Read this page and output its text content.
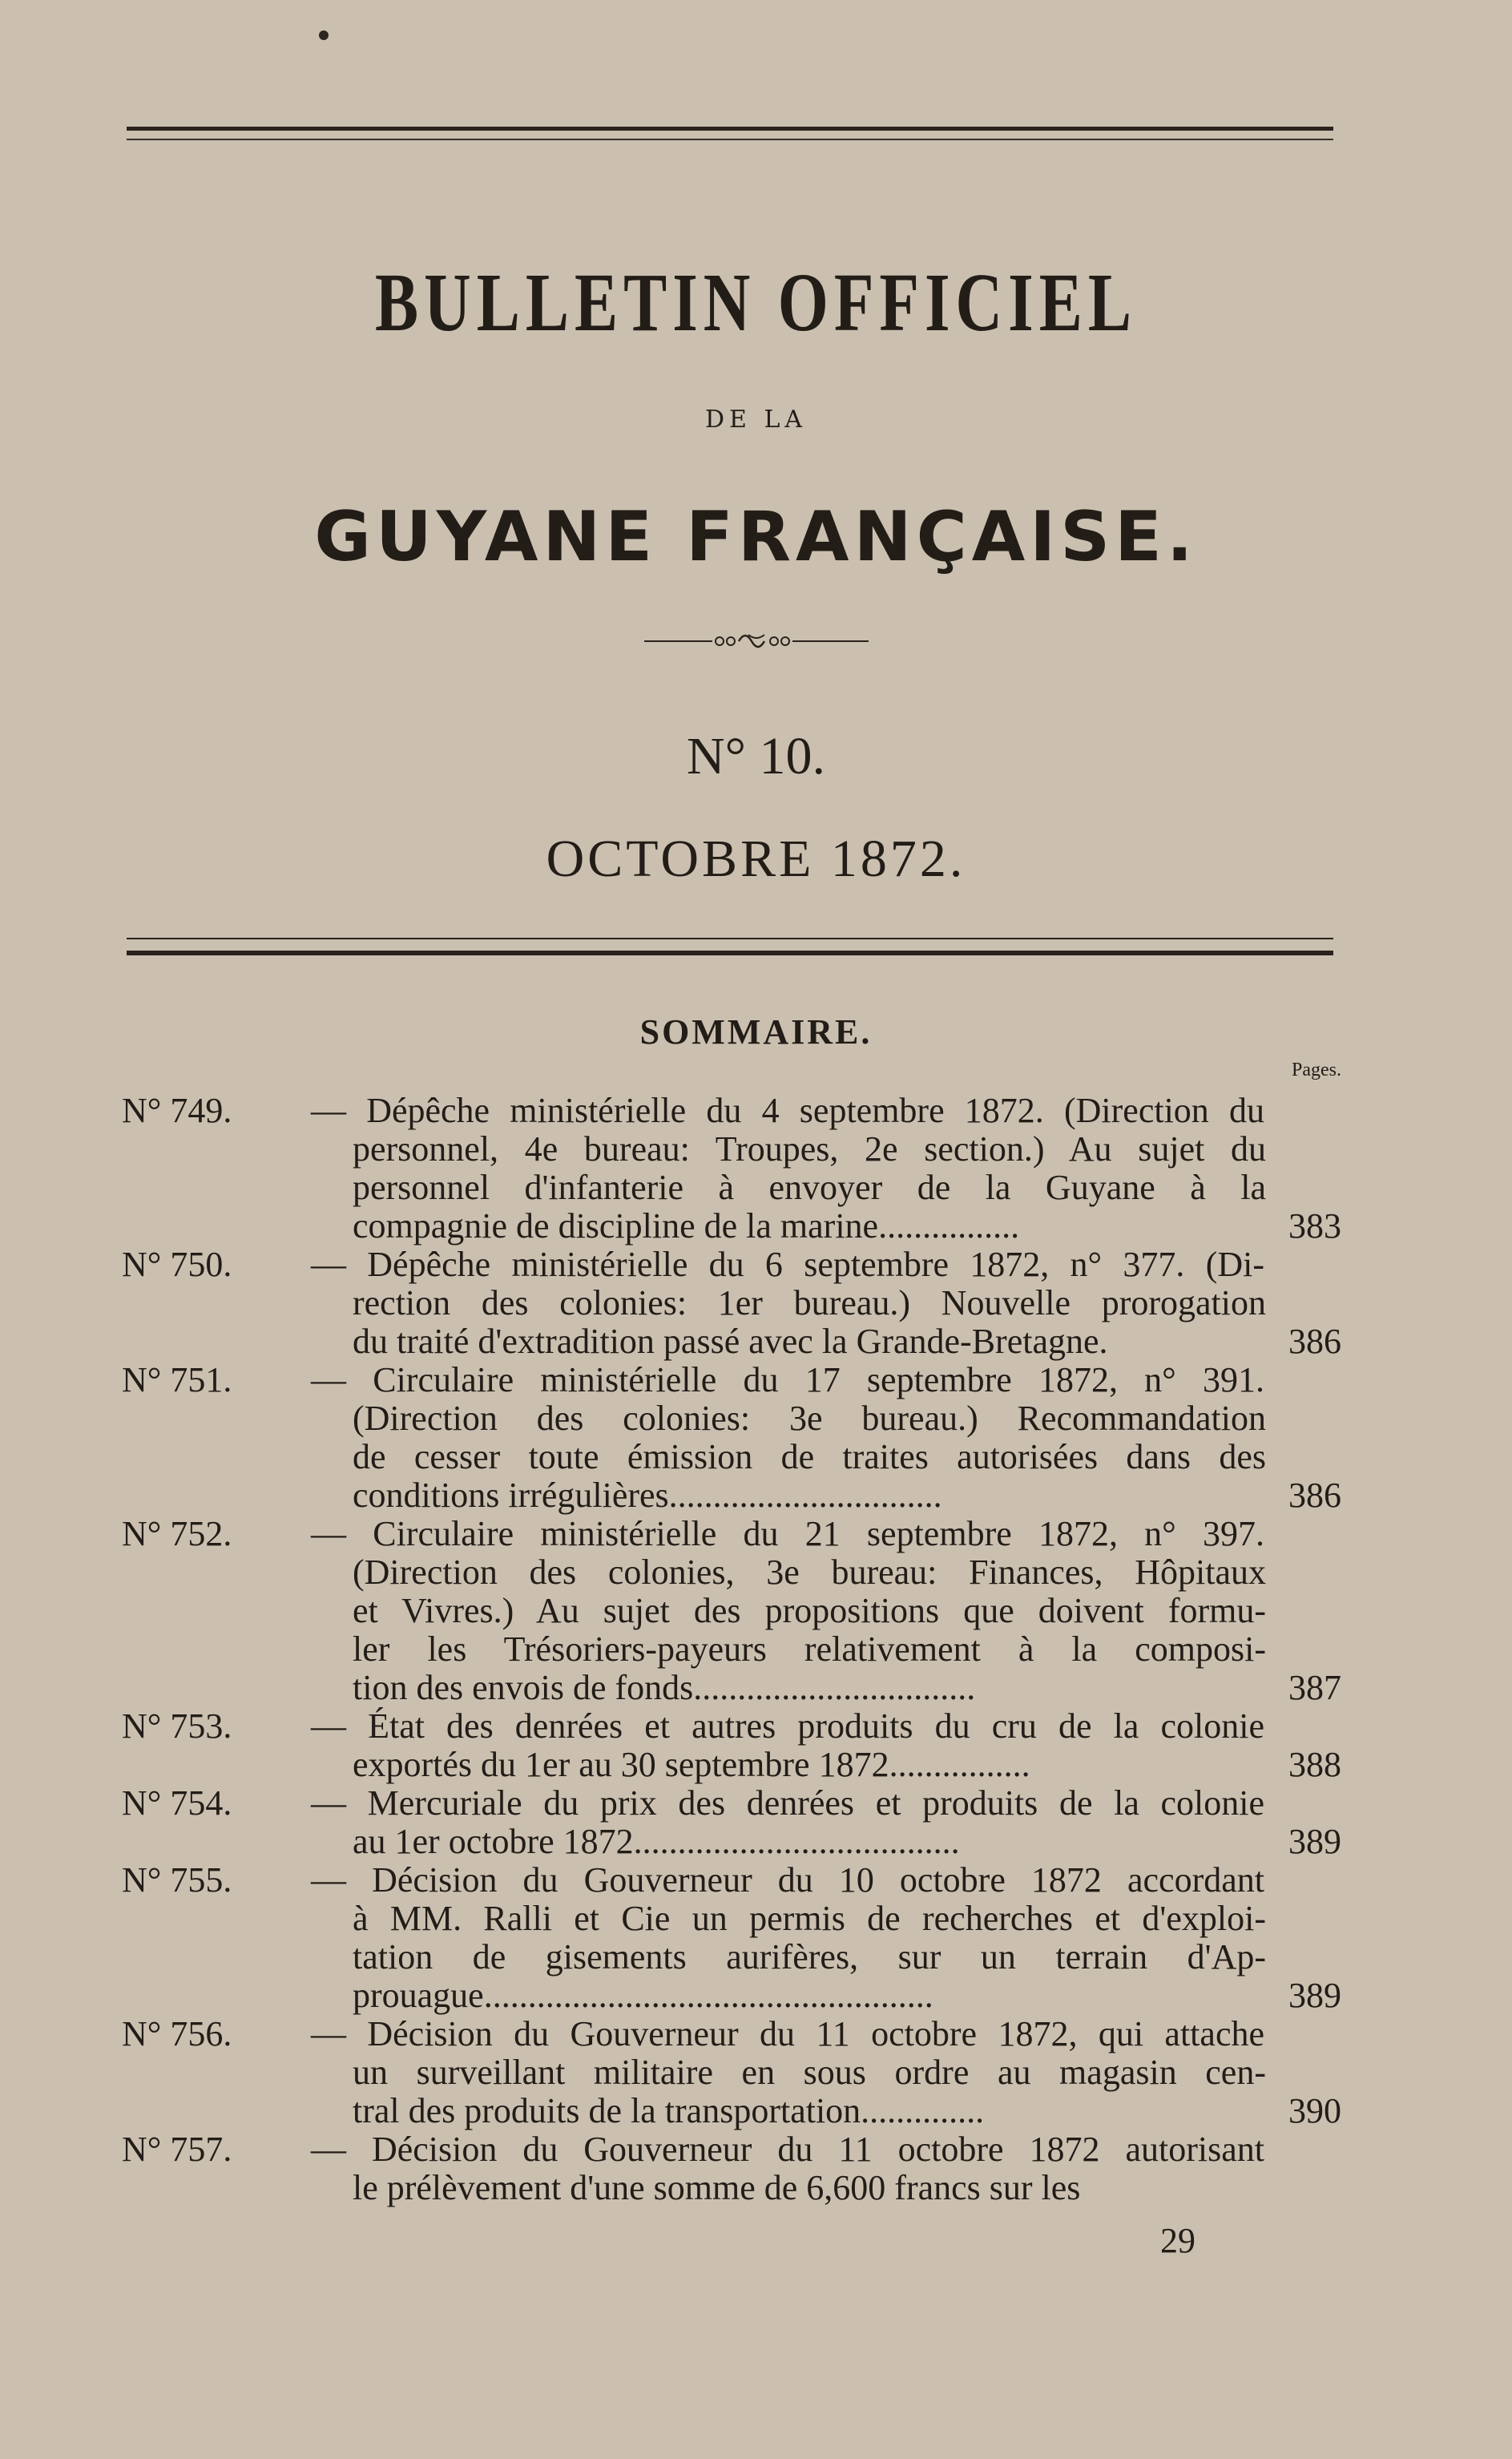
BULLETIN OFFICIEL
DE LA
GUYANE FRANÇAISE.
N° 10.
OCTOBRE 1872.
SOMMAIRE.
Pages.
N° 749.	— Dépêche ministérielle du 4 septembre 1872. (Direction du
personnel, 4e bureau: Troupes, 2e section.) Au sujet du
personnel d'infanterie à envoyer de la Guyane à la
compagnie de discipline de la marine................	383
N° 750.	— Dépêche ministérielle du 6 septembre 1872, n° 377. (Di-
rection des colonies: 1er bureau.) Nouvelle prorogation
du traité d'extradition passé avec la Grande-Bretagne.	386
N° 751.	— Circulaire ministérielle du 17 septembre 1872, n° 391.
(Direction des colonies: 3e bureau.) Recommandation
de cesser toute émission de traites autorisées dans des
conditions irrégulières...............................	386
N° 752.	— Circulaire ministérielle du 21 septembre 1872, n° 397.
(Direction des colonies, 3e bureau: Finances, Hôpitaux
et Vivres.) Au sujet des propositions que doivent formu-
ler les Trésoriers-payeurs relativement à la composi-
tion des envois de fonds................................	387
N° 753.	— État des denrées et autres produits du cru de la colonie
exportés du 1er au 30 septembre 1872................	388
N° 754.	— Mercuriale du prix des denrées et produits de la colonie
au 1er octobre 1872.....................................	389
N° 755.	— Décision du Gouverneur du 10 octobre 1872 accordant
à MM. Ralli et Cie un permis de recherches et d'exploi-
tation de gisements aurifères, sur un terrain d'Ap-
prouague...................................................	389
N° 756.	— Décision du Gouverneur du 11 octobre 1872, qui attache
un surveillant militaire en sous ordre au magasin cen-
tral des produits de la transportation..............	390
N° 757.	— Décision du Gouverneur du 11 octobre 1872 autorisant
le prélèvement d'une somme de 6,600 francs sur les
29
